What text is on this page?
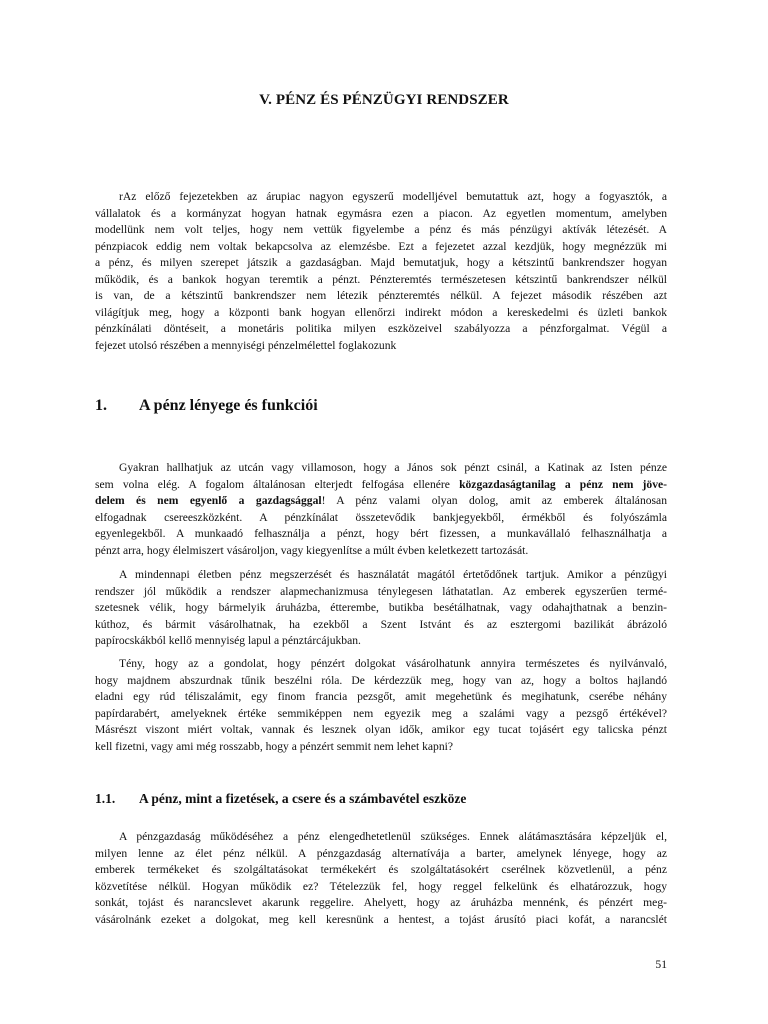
V. PÉNZ ÉS PÉNZÜGYI RENDSZER
rAz előző fejezetekben az árupiac nagyon egyszerű modelljével bemutattuk azt, hogy a fogyasztók, a
vállalatok és a kormányzat hogyan hatnak egymásra ezen a piacon. Az egyetlen momentum, amelyben
modellünk nem volt teljes, hogy nem vettük figyelembe a pénz és más pénzügyi aktívák létezését. A
pénzpiacok eddig nem voltak bekapcsolva az elemzésbe. Ezt a fejezetet azzal kezdjük, hogy megnézzük mi
a pénz, és milyen szerepet játszik a gazdaságban. Majd bemutatjuk, hogy a kétszintű bankrendszer hogyan
működik, és a bankok hogyan teremtik a pénzt. Pénzteremtés természetesen kétszintű bankrendszer nélkül
is van, de a kétszintű bankrendszer nem létezik pénzteremtés nélkül. A fejezet második részében azt
világítjuk meg, hogy a központi bank hogyan ellenőrzi indirekt módon a kereskedelmi és üzleti bankok
pénzkínálati döntéseit, a monetáris politika milyen eszközeivel szabályozza a pénzforgalmat. Végül a
fejezet utolsó részében a mennyiségi pénzelmélettel foglakozunk
1. A pénz lényege és funkciói
Gyakran hallhatjuk az utcán vagy villamoson, hogy a János sok pénzt csinál, a Katinak az Isten pénze
sem volna elég. A fogalom általánosan elterjedt felfogása ellenére közgazdaságtanilag a pénz nem jöve-
delem és nem egyenlő a gazdagsággal! A pénz valami olyan dolog, amit az emberek általánosan
elfogadnak csereeszközként. A pénzkínálat összetevődik bankjegyekből, érmékből és folyószámla
egyenlegekből. A munkaadó felhasználja a pénzt, hogy bért fizessen, a munkavállaló felhasználhatja a
pénzt arra, hogy élelmiszert vásároljon, vagy kiegyenlítse a múlt évben keletkezett tartozását.
A mindennapi életben pénz megszerzését és használatát magától értetődőnek tartjuk. Amikor a pénzügyi
rendszer jól működik a rendszer alapmechanizmusa ténylegesen láthatatlan. Az emberek egyszerűen termé-
szetesnek vélik, hogy bármelyik áruházba, étterembe, butikba besétálhatnak, vagy odahajthatnak a benzin-
kúthoz, és bármit vásárolhatnak, ha ezekből a Szent Istvánt és az esztergomi bazilikát ábrázoló
papírocskákból kellő mennyiség lapul a pénztárcájukban.
Tény, hogy az a gondolat, hogy pénzért dolgokat vásárolhatunk annyira természetes és nyilvánvaló,
hogy majdnem abszurdnak tűnik beszélni róla. De kérdezzük meg, hogy van az, hogy a boltos hajlandó
eladni egy rúd téliszalámit, egy finom francia pezsgőt, amit megehetünk és megihatunk, cserébe néhány
papírdarabért, amelyeknek értéke semmiképpen nem egyezik meg a szalámi vagy a pezsgő értékével?
Másrészt viszont miért voltak, vannak és lesznek olyan idők, amikor egy tucat tojásért egy talicska pénzt
kell fizetni, vagy ami még rosszabb, hogy a pénzért semmit nem lehet kapni?
1.1. A pénz, mint a fizetések, a csere és a számbavétel eszköze
A pénzgazdaság működéséhez a pénz elengedhetetlenül szükséges. Ennek alátámasztására képzeljük el,
milyen lenne az élet pénz nélkül. A pénzgazdaság alternatívája a barter, amelynek lényege, hogy az
emberek termékeket és szolgáltatásokat termékekért és szolgáltatásokért cserélnek közvetlenül, a pénz
közvetítése nélkül. Hogyan működik ez? Tételezzük fel, hogy reggel felkelünk és elhatározzuk, hogy
sonkát, tojást és narancslevet akarunk reggelire. Ahelyett, hogy az áruházba mennénk, és pénzért meg-
vásárolnánk ezeket a dolgokat, meg kell keresnünk a hentest, a tojást árusító piaci kofát, a narancslét
51
